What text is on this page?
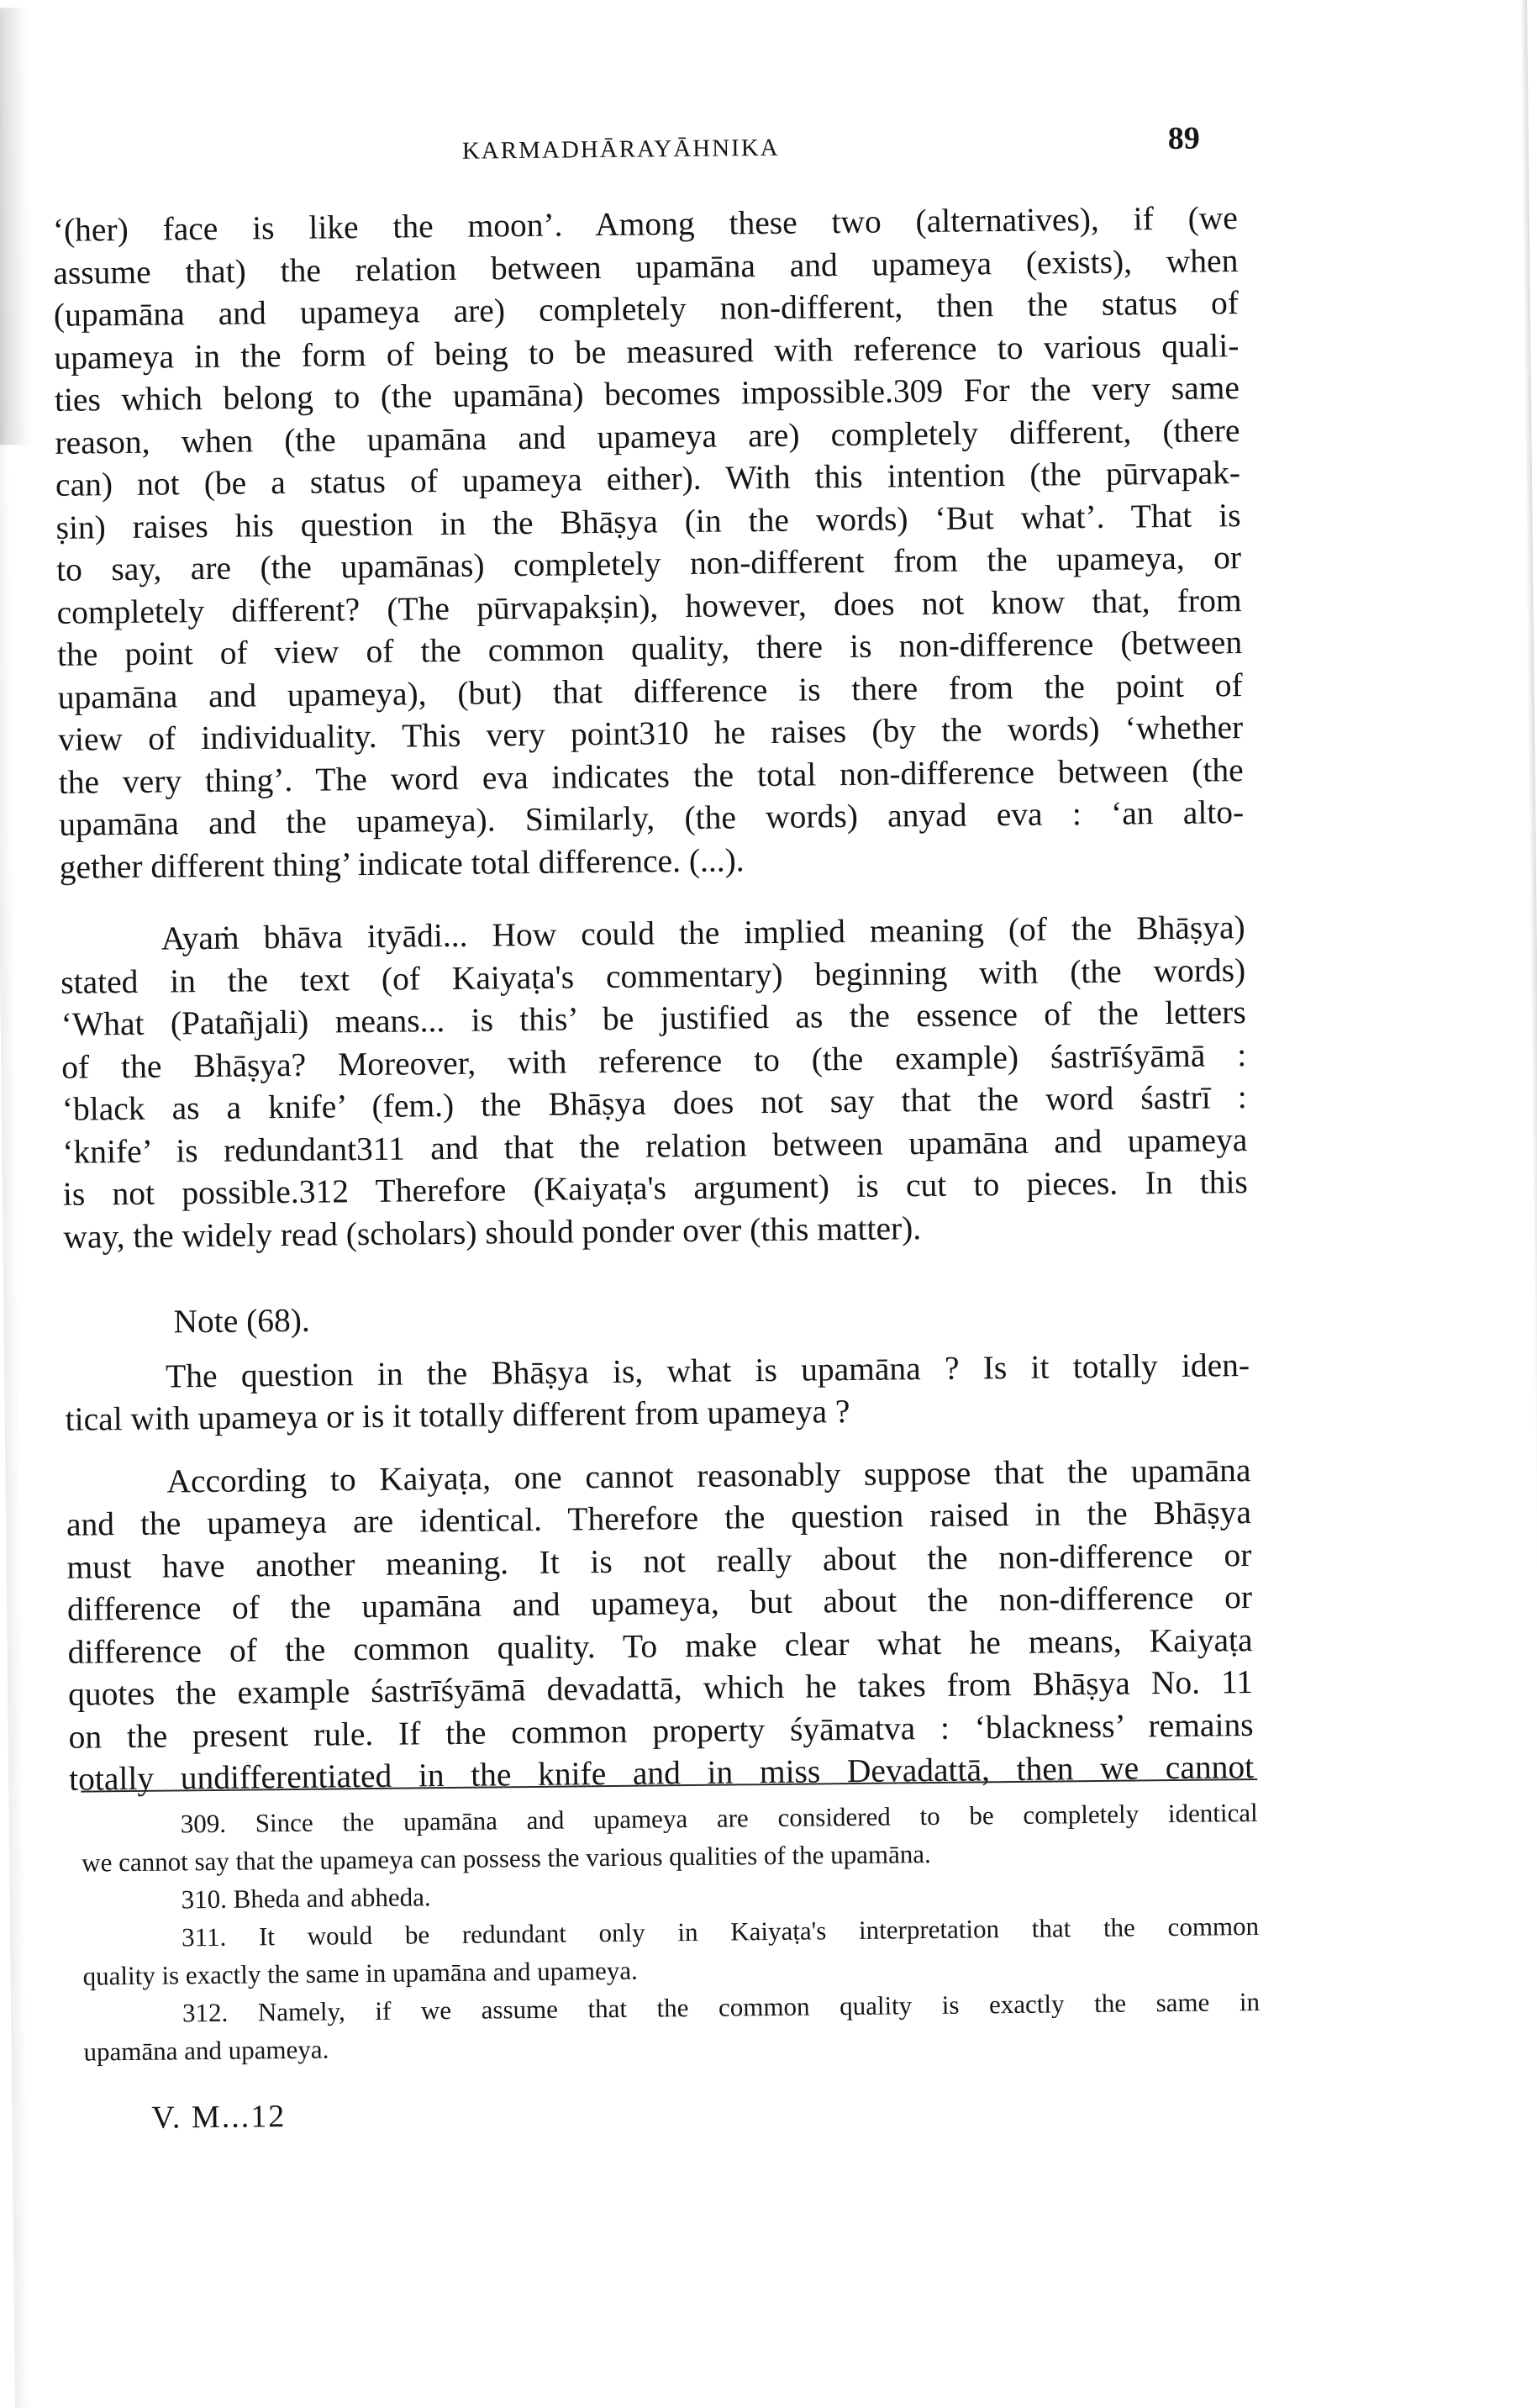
KARMADHĀRAYĀHNIKA	89
‘(her) face is like the moon’. Among these two (alternatives), if (we
assume that) the relation between upamāna and upameya (exists), when
(upamāna and upameya are) completely non-different, then the status of
upameya in the form of being to be measured with reference to various quali-
ties which belong to (the upamāna) becomes impossible.309 For the very same
reason, when (the upamāna and upameya are) completely different, (there
can) not (be a status of upameya either). With this intention (the pūrvapak-
ṣin) raises his question in the Bhāṣya (in the words) ‘But what’. That is
to say, are (the upamānas) completely non-different from the upameya, or
completely different? (The pūrvapakṣin), however, does not know that, from
the point of view of the common quality, there is non-difference (between
upamāna and upameya), (but) that difference is there from the point of
view of individuality. This very point310 he raises (by the words) ‘whether
the very thing’. The word eva indicates the total non-difference between (the
upamāna and the upameya). Similarly, (the words) anyad eva : ‘an alto-
gether different thing’ indicate total difference. (...).
Ayaṁ bhāva ityādi... How could the implied meaning (of the Bhāṣya)
stated in the text (of Kaiyaṭa's commentary) beginning with (the words)
‘What (Patañjali) means... is this’ be justified as the essence of the letters
of the Bhāṣya? Moreover, with reference to (the example) śastrīśyāmā :
‘black as a knife’ (fem.) the Bhāṣya does not say that the word śastrī :
‘knife’ is redundant311 and that the relation between upamāna and upameya
is not possible.312 Therefore (Kaiyaṭa's argument) is cut to pieces. In this
way, the widely read (scholars) should ponder over (this matter).
Note (68).
The question in the Bhāṣya is, what is upamāna ? Is it totally iden-
tical with upameya or is it totally different from upameya ?
According to Kaiyaṭa, one cannot reasonably suppose that the upamāna
and the upameya are identical. Therefore the question raised in the Bhāṣya
must have another meaning. It is not really about the non-difference or
difference of the upamāna and upameya, but about the non-difference or
difference of the common quality. To make clear what he means, Kaiyaṭa
quotes the example śastrīśyāmā devadattā, which he takes from Bhāṣya No. 11
on the present rule. If the common property śyāmatva : ‘blackness’ remains
totally undifferentiated in the knife and in miss Devadattā, then we cannot
309. Since the upamāna and upameya are considered to be completely identical
we cannot say that the upameya can possess the various qualities of the upamāna.
310. Bheda and abheda.
311. It would be redundant only in Kaiyaṭa's interpretation that the common
quality is exactly the same in upamāna and upameya.
312. Namely, if we assume that the common quality is exactly the same in
upamāna and upameya.
V. M...12
